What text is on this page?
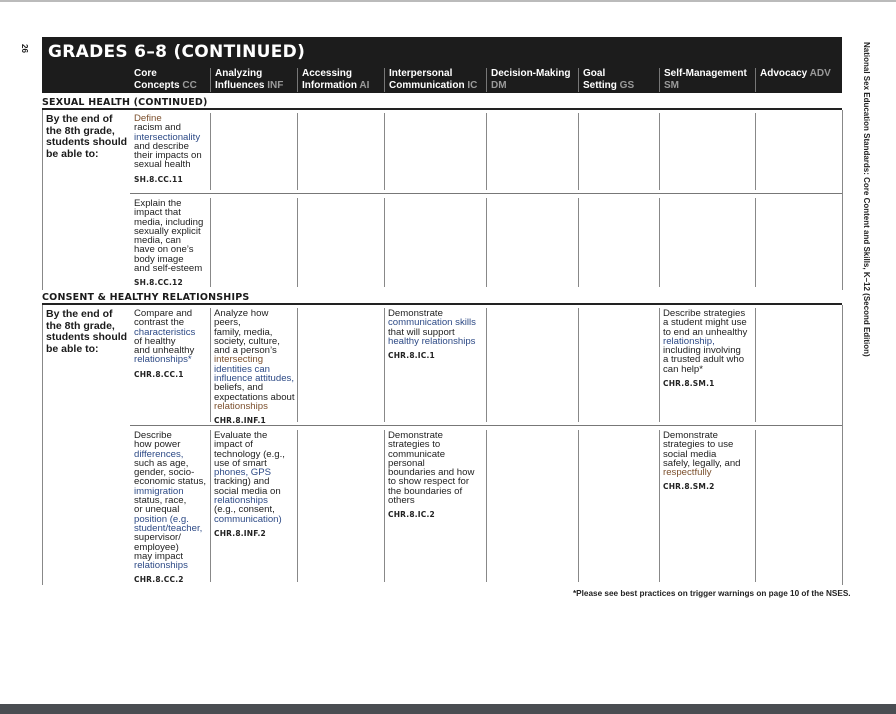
26	National Sex Education Standards: Core Content and Skills, K–12 (Second Edition)
GRADES 6–8 (CONTINUED)
Core
Concepts CC
Analyzing
Influences INF
Accessing
Information AI
Interpersonal
Communication IC
Decision-Making
DM
Goal
Setting GS
Self-Management
SM
Advocacy ADV
SEXUAL HEALTH (CONTINUED)
By the end of
the 8th grade,
students should
be able to:
Define
racism and
intersectionality
and describe
their impacts on
sexual health
SH.8.CC.11
Explain the
impact that
media, including
sexually explicit
media, can
have on one’s
body image
and self-esteem
SH.8.CC.12
CONSENT & HEALTHY RELATIONSHIPS
By the end of
the 8th grade,
students should
be able to:
Compare and
contrast the
characteristics
of healthy
and unhealthy
relationships*
CHR.8.CC.1
Analyze how peers,
family, media,
society, culture,
and a person’s
intersecting
identities can
influence attitudes,
beliefs, and
expectations about
relationships
CHR.8.INF.1
Demonstrate
communication skills
that will support
healthy relationships
CHR.8.IC.1
Describe strategies
a student might use
to end an unhealthy
relationship,
including involving
a trusted adult who
can help*
CHR.8.SM.1
Describe
how power
differences,
such as age,
gender, socio-
economic status,
immigration
status, race,
or unequal
position (e.g.
student/teacher,
supervisor/
employee)
may impact
relationships
CHR.8.CC.2
Evaluate the
impact of
technology (e.g.,
use of smart
phones, GPS
tracking) and
social media on
relationships
(e.g., consent,
communication)
CHR.8.INF.2
Demonstrate
strategies to
communicate personal
boundaries and how
to show respect for
the boundaries of
others
CHR.8.IC.2
Demonstrate
strategies to use
social media
safely, legally, and
respectfully
CHR.8.SM.2
*Please see best practices on trigger warnings on page 10 of the NSES.
